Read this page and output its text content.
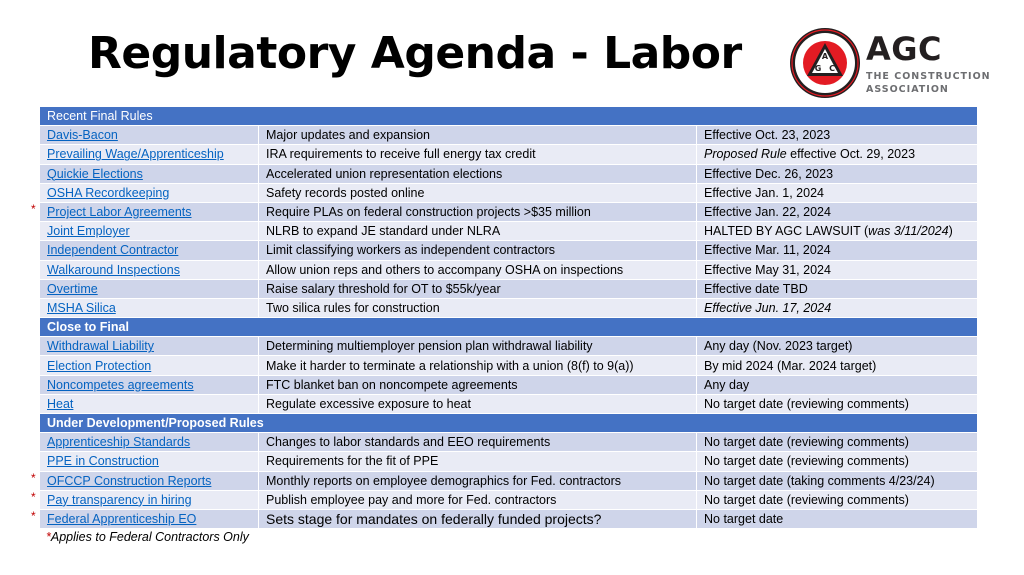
Regulatory Agenda - Labor	A
G C
AGC
THE CONSTRUCTION
ASSOCIATION
Recent Final Rules		
Davis-Bacon	Major updates and expansion	Effective Oct. 23, 2023
Prevailing Wage/Apprenticeship	IRA requirements to receive full energy tax credit	Proposed Rule effective Oct. 29, 2023
Quickie Elections	Accelerated union representation elections	Effective Dec. 26, 2023
OSHA Recordkeeping	Safety records posted online	Effective Jan. 1, 2024
Project Labor Agreements	Require PLAs on federal construction projects >$35 million	Effective Jan. 22, 2024
Joint Employer	NLRB to expand JE standard under NLRA	HALTED BY AGC LAWSUIT (was 3/11/2024)
Independent Contractor	Limit classifying workers as independent contractors	Effective Mar. 11, 2024
Walkaround Inspections	Allow union reps and others to accompany OSHA on inspections	Effective May 31, 2024
Overtime	Raise salary threshold for OT to $55k/year	Effective date TBD
MSHA Silica	Two silica rules for construction	Effective Jun. 17, 2024
Close to Final		
Withdrawal Liability	Determining multiemployer pension plan withdrawal liability	Any day (Nov. 2023 target)
Election Protection	Make it harder to terminate a relationship with a union (8(f) to 9(a))	By mid 2024 (Mar. 2024 target)
Noncompetes agreements	FTC blanket ban on noncompete agreements	Any day
Heat	Regulate excessive exposure to heat	No target date (reviewing comments)
Under Development/Proposed Rules		
Apprenticeship Standards	Changes to labor standards and EEO requirements	No target date (reviewing comments)
PPE in Construction	Requirements for the fit of PPE	No target date (reviewing comments)
OFCCP Construction Reports	Monthly reports on employee demographics for Fed. contractors	No target date (taking comments 4/23/24)
Pay transparency in hiring	Publish employee pay and more for Fed. contractors	No target date (reviewing comments)
Federal Apprenticeship EO	Sets stage for mandates on federally funded projects?	No target date
*
*
*
*
*Applies to Federal Contractors Only
